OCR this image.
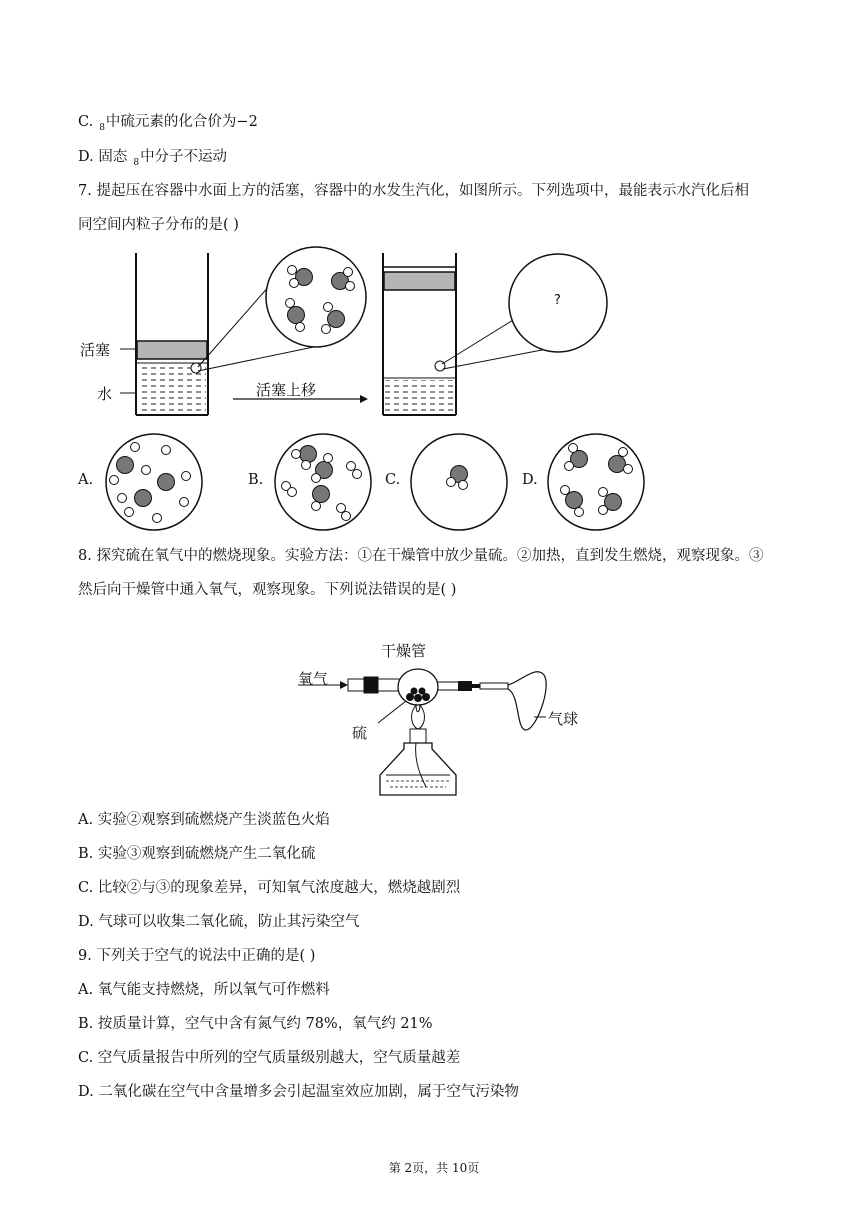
C. $_8$中硫元素的化合价为−2
D. 固态 $_8$中分子不运动
7. 提起压在容器中水面上方的活塞，容器中的水发生汽化，如图所示。下列选项中，最能表示水汽化后相
同空间内粒子分布的是( )
活塞
水	活塞上移
?
A.	B.	C.	D.
8. 探究硫在氧气中的燃烧现象。实验方法：①在干燥管中放少量硫。②加热，直到发生燃烧，观察现象。③
然后向干燥管中通入氧气，观察现象。下列说法错误的是( )
干燥管
氧气
硫
气球
A. 实验②观察到硫燃烧产生淡蓝色火焰
B. 实验③观察到硫燃烧产生二氧化硫
C. 比较②与③的现象差异，可知氧气浓度越大，燃烧越剧烈
D. 气球可以收集二氧化硫，防止其污染空气
9. 下列关于空气的说法中正确的是( )
A. 氧气能支持燃烧，所以氧气可作燃料
B. 按质量计算，空气中含有氮气约 78%，氧气约 21%
C. 空气质量报告中所列的空气质量级别越大，空气质量越差
D. 二氧化碳在空气中含量增多会引起温室效应加剧，属于空气污染物
第 2页，共 10页
